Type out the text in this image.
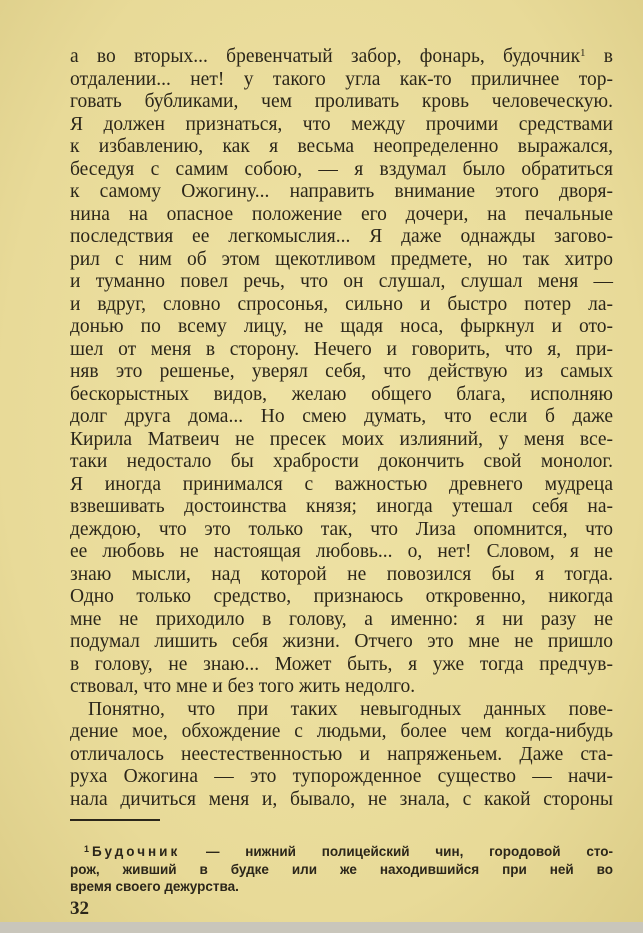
а во вторых... бревенчатый забор, фонарь, будочник$^1$ в
отдалении... нет! у такого угла как-то приличнее тор-
говать бубликами, чем проливать кровь человеческую.
Я должен признаться, что между прочими средствами
к избавлению, как я весьма неопределенно выражался,
беседуя с самим собою, — я вздумал было обратиться
к самому Ожогину... направить внимание этого дворя-
нина на опасное положение его дочери, на печальные
последствия ее легкомыслия... Я даже однажды загово-
рил с ним об этом щекотливом предмете, но так хитро
и туманно повел речь, что он слушал, слушал меня —
и вдруг, словно спросонья, сильно и быстро потер ла-
донью по всему лицу, не щадя носа, фыркнул и ото-
шел от меня в сторону. Нечего и говорить, что я, при-
няв это решенье, уверял себя, что действую из самых
бескорыстных видов, желаю общего блага, исполняю
долг друга дома... Но смею думать, что если б даже
Кирила Матвеич не пресек моих излияний, у меня все-
таки недостало бы храбрости докончить свой монолог.
Я иногда принимался с важностью древнего мудреца
взвешивать достоинства князя; иногда утешал себя на-
деждою, что это только так, что Лиза опомнится, что
ее любовь не настоящая любовь... о, нет! Словом, я не
знаю мысли, над которой не повозился бы я тогда.
Одно только средство, признаюсь откровенно, никогда
мне не приходило в голову, а именно: я ни разу не
подумал лишить себя жизни. Отчего это мне не пришло
в голову, не знаю... Может быть, я уже тогда предчув-
ствовал, что мне и без того жить недолго.
Понятно, что при таких невыгодных данных пове-
дение мое, обхождение с людьми, более чем когда-нибудь
отличалось неестественностью и напряженьем. Даже ста-
руха Ожогина — это тупорожденное существо — начи-
нала дичиться меня и, бывало, не знала, с какой стороны
$^1$ Будочник — нижний полицейский чин, городовой сто-
рож, живший в будке или же находившийся при ней во
время своего дежурства.
32
